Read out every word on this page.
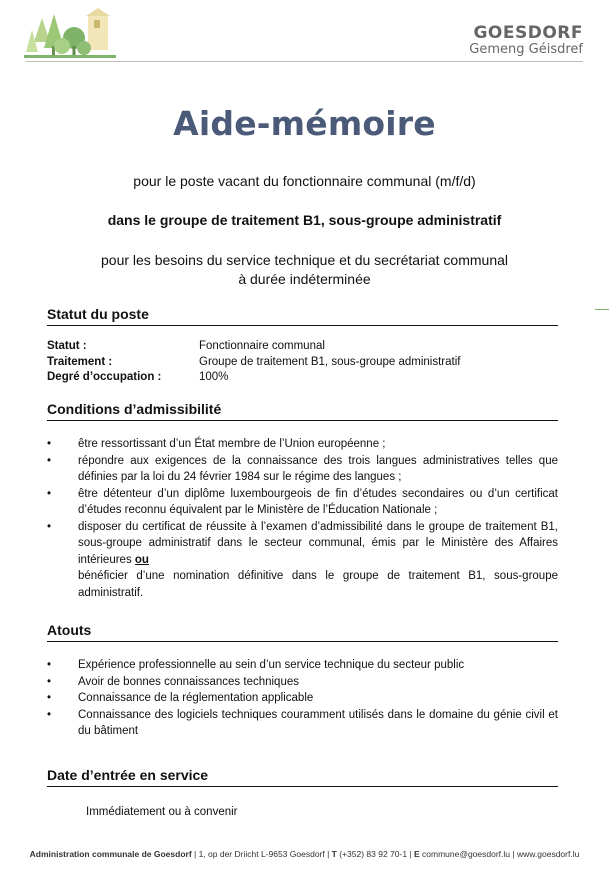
GOESDORF
Gemeng Géisdref
Aide-mémoire
pour le poste vacant du fonctionnaire communal (m/f/d)
dans le groupe de traitement B1, sous-groupe administratif
pour les besoins du service technique et du secrétariat communal
à durée indéterminée
Statut du poste
Statut :	Fonctionnaire communal
Traitement :	Groupe de traitement B1, sous-groupe administratif
Degré d’occupation :	100%
Conditions d’admissibilité
•	être ressortissant d’un État membre de l’Union européenne ;
•	répondre aux exigences de la connaissance des trois langues administratives telles que définies par la loi du 24 février 1984 sur le régime des langues ;
•	être détenteur d’un diplôme luxembourgeois de fin d’études secondaires ou d’un certificat d’études reconnu équivalent par le Ministère de l’Éducation Nationale ;
•	disposer du certificat de réussite à l’examen d’admissibilité dans le groupe de traitement B1, sous-groupe administratif dans le secteur communal, émis par le Ministère des Affaires intérieures ou
bénéficier d’une nomination définitive dans le groupe de traitement B1, sous-groupe administratif.
Atouts
•	Expérience professionnelle au sein d’un service technique du secteur public
•	Avoir de bonnes connaissances techniques
•	Connaissance de la réglementation applicable
•	Connaissance des logiciels techniques couramment utilisés dans le domaine du génie civil et du bâtiment
Date d’entrée en service
Immédiatement ou à convenir
Administration communale de Goesdorf | 1, op der Driicht L-9653 Goesdorf | T (+352) 83 92 70-1 | E commune@goesdorf.lu | www.goesdorf.lu
